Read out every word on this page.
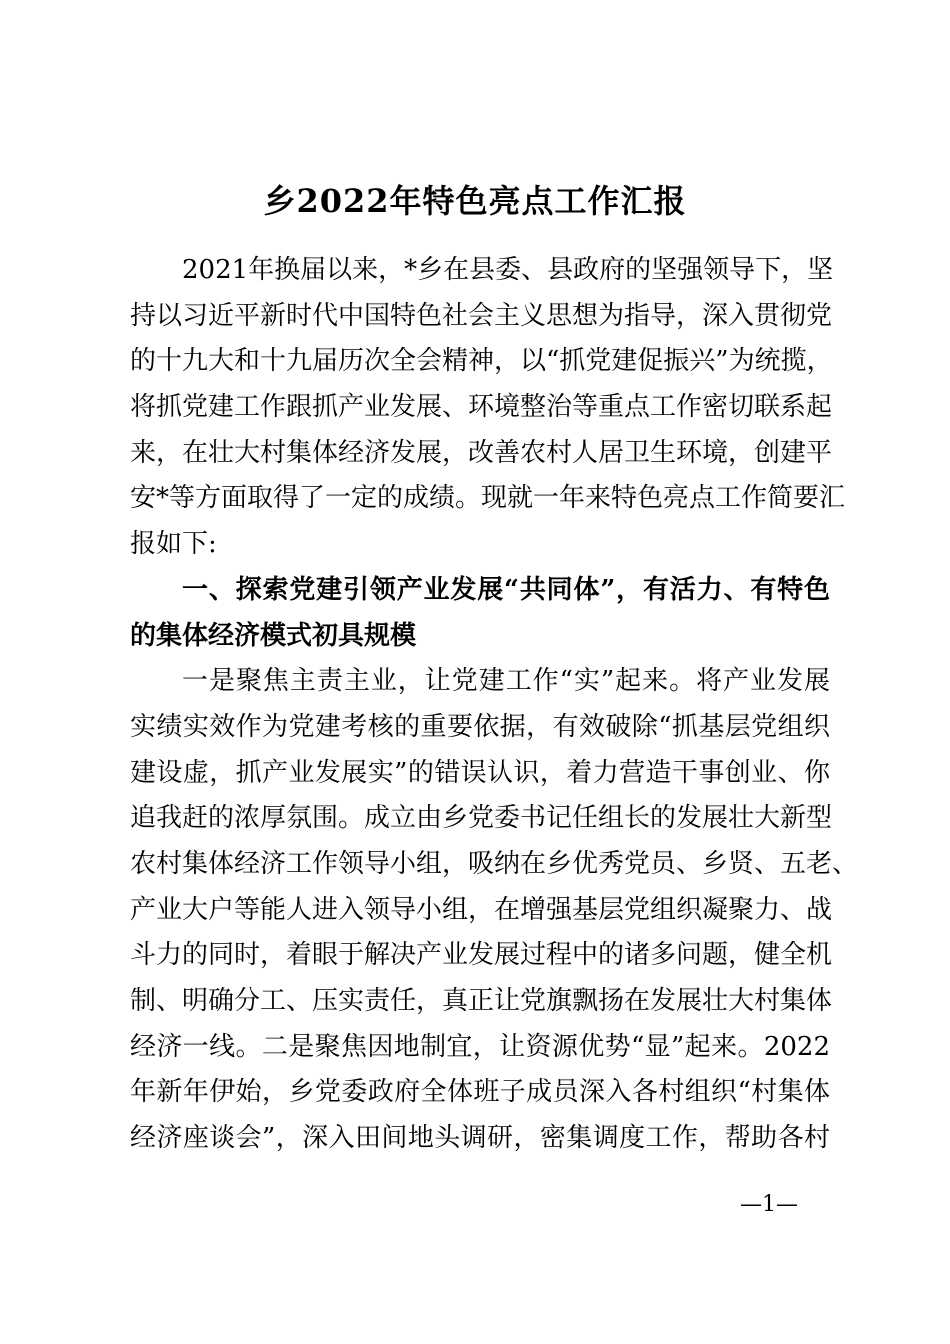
乡2022年特色亮点工作汇报
2021年换届以来，*乡在县委、县政府的坚强领导下，坚
持以习近平新时代中国特色社会主义思想为指导，深入贯彻党
的十九大和十九届历次全会精神，以“抓党建促振兴”为统揽，
将抓党建工作跟抓产业发展、环境整治等重点工作密切联系起
来，在壮大村集体经济发展，改善农村人居卫生环境，创建平
安*等方面取得了一定的成绩。现就一年来特色亮点工作简要汇
报如下:
一、探索党建引领产业发展“共同体”，有活力、有特色
的集体经济模式初具规模
一是聚焦主责主业，让党建工作“实”起来。将产业发展
实绩实效作为党建考核的重要依据，有效破除“抓基层党组织
建设虚，抓产业发展实”的错误认识，着力营造干事创业、你
追我赶的浓厚氛围。成立由乡党委书记任组长的发展壮大新型
农村集体经济工作领导小组，吸纳在乡优秀党员、乡贤、五老、
产业大户等能人进入领导小组，在增强基层党组织凝聚力、战
斗力的同时，着眼于解决产业发展过程中的诸多问题，健全机
制、明确分工、压实责任，真正让党旗飘扬在发展壮大村集体
经济一线。二是聚焦因地制宜，让资源优势“显”起来。2022
年新年伊始，乡党委政府全体班子成员深入各村组织“村集体
经济座谈会”，深入田间地头调研，密集调度工作，帮助各村
—1—
